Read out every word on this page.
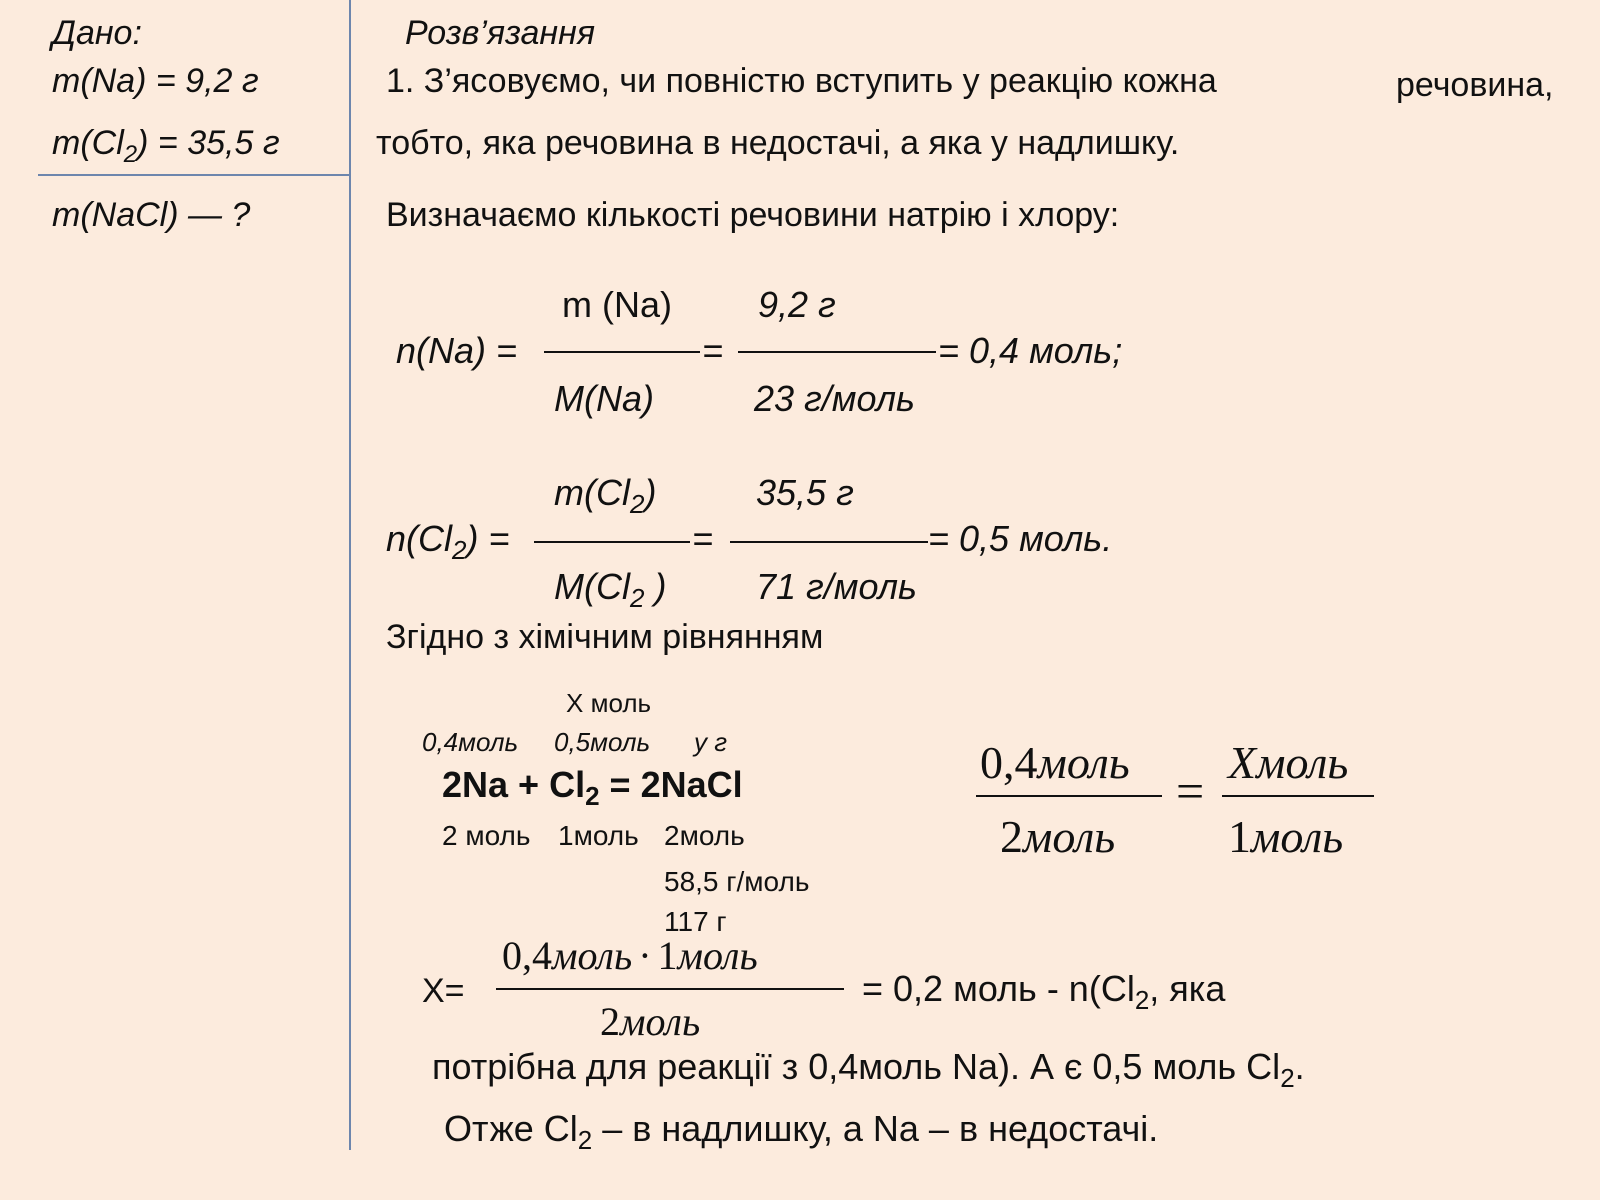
Дано:
m(Na) = 9,2 г
$m(Cl_2) = 35,5$ г
m(NaCl) — ?
Розв’язання
1. З’ясовуємо, чи повністю вступить у реакцію кожна	речовина,
тобто, яка речовина в недостачі, а яка у надлишку.
Визначаємо кількості речовини натрію і хлору:
m (Na) 9,2 г
n(Na) =	=	= 0,4 моль;
M(Na)	23 г/моль
$m(Cl_2)$	35,5 г
$n(Cl_2)$ =	=	= 0,5 моль.
$M(Cl_2$ ) 71 г/моль
Згідно з хімічним рівнянням
X моль
0,4моль 0,5моль у г
$2Na + Cl_2$ = 2NaCl
2 моль 1моль 2моль
58,5 г/моль
117 г
0,4моль
2моль
=
Xмоль
1моль
X=
0,4моль · 1моль
2моль
= 0,2 моль - $n(Cl_2$, яка
потрібна для реакції з 0,4моль Na). А є 0,5 моль $Cl_2$.
Отже $Cl_2$ – в надлишку, а Na – в недостачі.
